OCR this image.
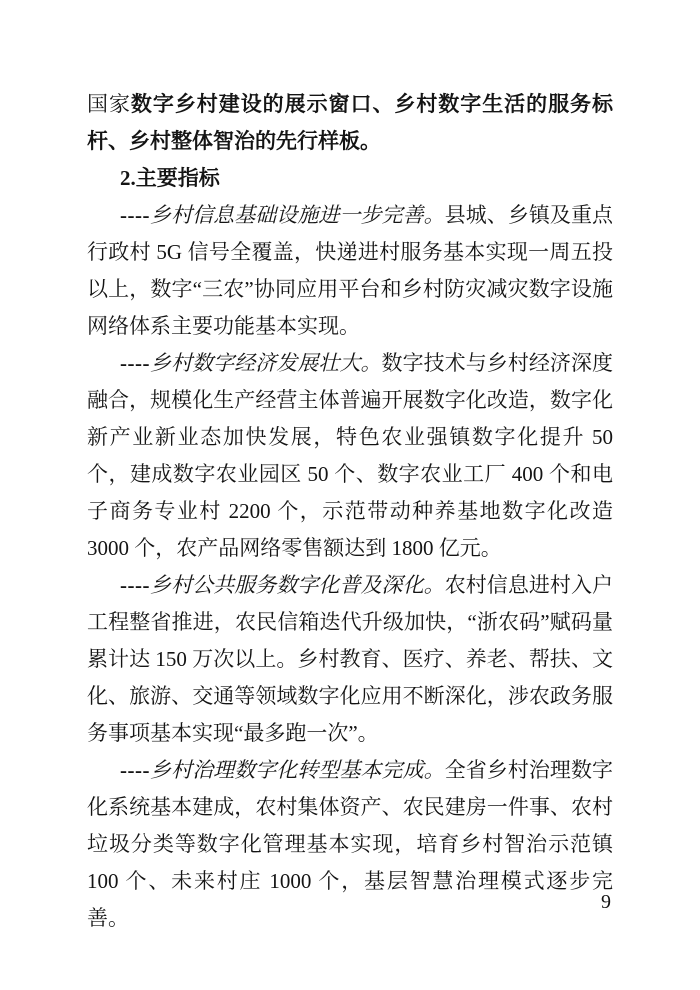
国家数字乡村建设的展示窗口、乡村数字生活的服务标杆、乡村整体智治的先行样板。

2.主要指标

----乡村信息基础设施进一步完善。县城、乡镇及重点行政村 5G 信号全覆盖，快递进村服务基本实现一周五投以上，数字“三农”协同应用平台和乡村防灾减灾数字设施网络体系主要功能基本实现。

----乡村数字经济发展壮大。数字技术与乡村经济深度融合，规模化生产经营主体普遍开展数字化改造，数字化新产业新业态加快发展，特色农业强镇数字化提升 50 个，建成数字农业园区 50 个、数字农业工厂 400 个和电子商务专业村 2200 个，示范带动种养基地数字化改造 3000 个，农产品网络零售额达到 1800 亿元。

----乡村公共服务数字化普及深化。农村信息进村入户工程整省推进，农民信箱迭代升级加快，“浙农码”赋码量累计达 150 万次以上。乡村教育、医疗、养老、帮扶、文化、旅游、交通等领域数字化应用不断深化，涉农政务服务事项基本实现“最多跑一次”。

----乡村治理数字化转型基本完成。全省乡村治理数字化系统基本建成，农村集体资产、农民建房一件事、农村垃圾分类等数字化管理基本实现，培育乡村智治示范镇 100 个、未来村庄 1000 个，基层智慧治理模式逐步完善。

9
